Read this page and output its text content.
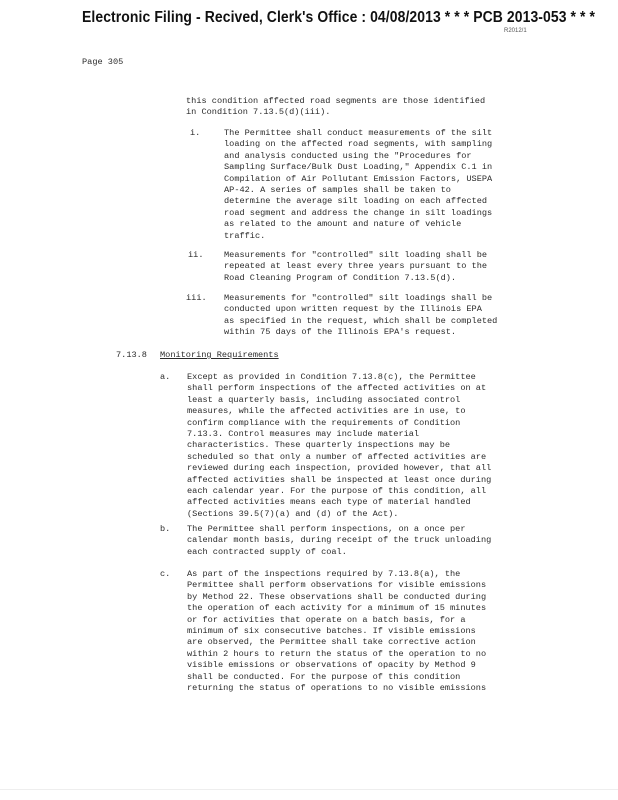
Electronic Filing - Recived, Clerk's Office : 04/08/2013 * * * PCB 2013-053 * * *
R2012/1
Page 305
this condition affected road segments are those identified
in Condition 7.13.5(d)(iii).
i.	The Permittee shall conduct measurements of the silt
loading on the affected road segments, with sampling
and analysis conducted using the "Procedures for
Sampling Surface/Bulk Dust Loading," Appendix C.1 in
Compilation of Air Pollutant Emission Factors, USEPA
AP-42. A series of samples shall be taken to
determine the average silt loading on each affected
road segment and address the change in silt loadings
as related to the amount and nature of vehicle
traffic.
ii. Measurements for "controlled" silt loading shall be
repeated at least every three years pursuant to the
Road Cleaning Program of Condition 7.13.5(d).
iii. Measurements for "controlled" silt loadings shall be
conducted upon written request by the Illinois EPA
as specified in the request, which shall be completed
within 75 days of the Illinois EPA's request.
7.13.8 Monitoring Requirements
a. Except as provided in Condition 7.13.8(c), the Permittee
shall perform inspections of the affected activities on at
least a quarterly basis, including associated control
measures, while the affected activities are in use, to
confirm compliance with the requirements of Condition
7.13.3. Control measures may include material
characteristics. These quarterly inspections may be
scheduled so that only a number of affected activities are
reviewed during each inspection, provided however, that all
affected activities shall be inspected at least once during
each calendar year. For the purpose of this condition, all
affected activities means each type of material handled
(Sections 39.5(7)(a) and (d) of the Act).
b. The Permittee shall perform inspections, on a once per
calendar month basis, during receipt of the truck unloading
each contracted supply of coal.
c. As part of the inspections required by 7.13.8(a), the
Permittee shall perform observations for visible emissions
by Method 22. These observations shall be conducted during
the operation of each activity for a minimum of 15 minutes
or for activities that operate on a batch basis, for a
minimum of six consecutive batches. If visible emissions
are observed, the Permittee shall take corrective action
within 2 hours to return the status of the operation to no
visible emissions or observations of opacity by Method 9
shall be conducted. For the purpose of this condition
returning the status of operations to no visible emissions
